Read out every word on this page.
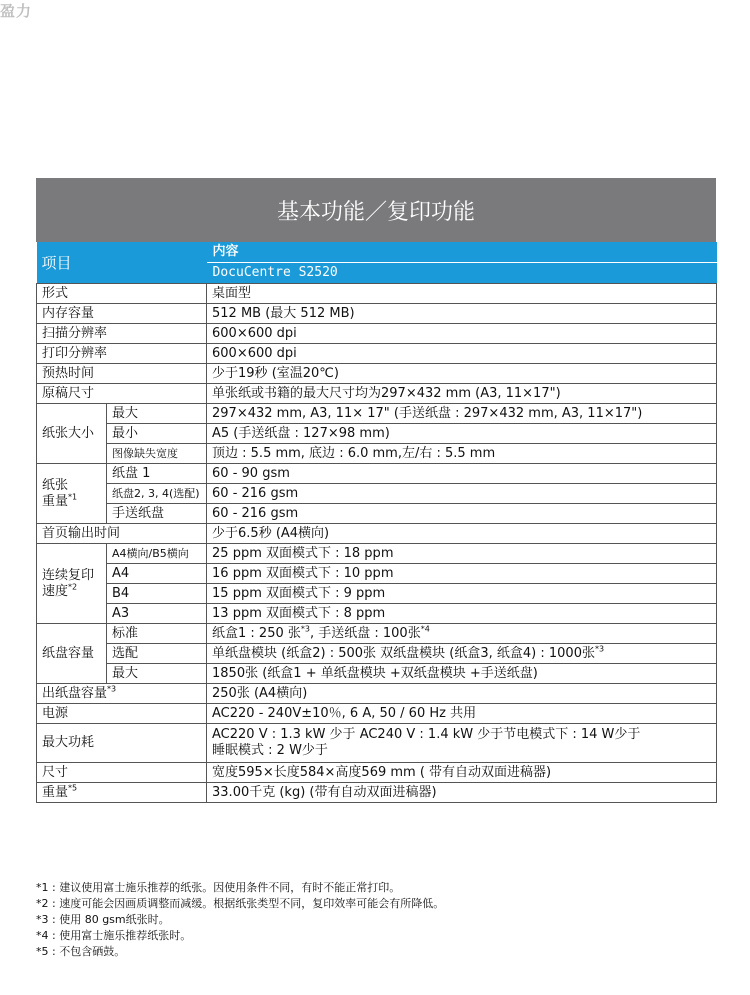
盈力
基本功能／复印功能
项目		内容
DocuCentre S2520

形式		桌面型
内存容量		512 MB (最大 512 MB)
扫描分辨率		600×600 dpi
打印分辨率		600×600 dpi
预热时间		少于19秒 (室温20℃)
原稿尺寸		单张纸或书籍的最大尺寸均为297×432 mm (A3, 11×17")
纸张大小	最大	297×432 mm, A3, 11× 17" (手送纸盘 : 297×432 mm, A3, 11×17")
	最小	A5 (手送纸盘 : 127×98 mm)
	图像缺失宽度	顶边 : 5.5 mm, 底边 : 6.0 mm,左/右 : 5.5 mm

纸张
重量$^{*1}$	纸盘 1	60 - 90 gsm
	纸盘2, 3, 4(选配)	60 - 216 gsm
	手送纸盘	60 - 216 gsm
首页输出时间		少于6.5秒 (A4横向)

连续复印
速度$^{*2}$	A4横向/B5横向	25 ppm 双面模式下 : 18 ppm
	A4	16 ppm 双面模式下 : 10 ppm
	B4	15 ppm 双面模式下 : 9 ppm
	A3	13 ppm 双面模式下 : 8 ppm
纸盘容量	标准	纸盒1 : 250 张$^{*3}$, 手送纸盘 : 100张$^{*4}$
	选配	单纸盘模块 (纸盒2) : 500张 双纸盘模块 (纸盒3, 纸盒4) : 1000张$^{*3}$
	最大	1850张 (纸盒1 + 单纸盘模块 +双纸盘模块 +手送纸盘)
出纸盘容量$^{*3}$		250张 (A4横向)
电源		AC220 - 240V±10％, 6 A, 50 / 60 Hz 共用
最大功耗		AC220 V : 1.3 kW 少于 AC240 V : 1.4 kW 少于节电模式下 : 14 W少于
睡眠模式 : 2 W少于

尺寸		宽度595×长度584×高度569 mm ( 带有自动双面进稿器)
重量$^{*5}$		33.00千克 (kg) (带有自动双面进稿器)
*1 : 建议使用富士施乐推荐的纸张。因使用条件不同，有时不能正常打印。
*2 : 速度可能会因画质调整而减缓。根据纸张类型不同，复印效率可能会有所降低。
*3 : 使用 80 gsm纸张时。
*4 : 使用富士施乐推荐纸张时。
*5 : 不包含硒鼓。
